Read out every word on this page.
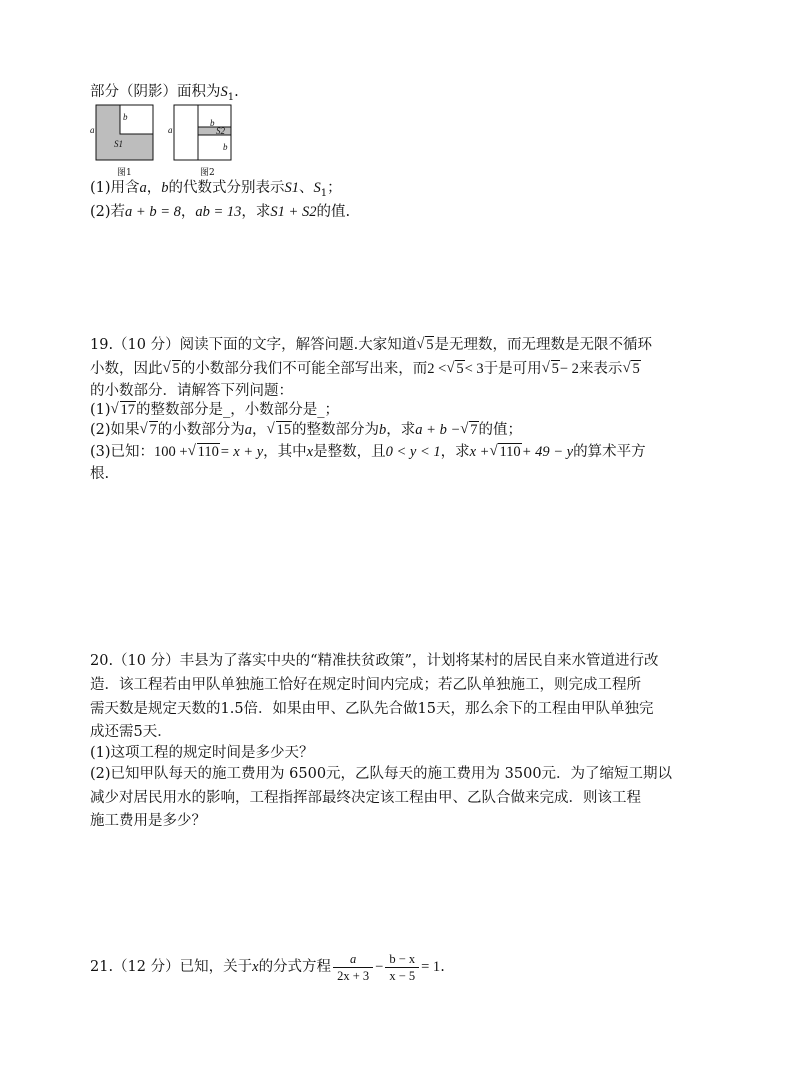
部分（阴影）面积为$S_1$.
a
b
S1
图1
a
b
S2
b
图2
(1)用含a，b的代数式分别表示S1、$S_1$；
(2)若a + b = 8，ab = 13，求S1 + S2的值.
19.（10 分）阅读下面的文字，解答问题.大家知道 √ 5是无理数，而无理数是无限不循环
小数，因此 √ 5的小数部分我们不可能全部写出来，而2 < √ 5< 3于是可用 √ 5− 2来表示 √ 5
的小数部分．请解答下列问题：
(1) √ 17的整数部分是_，小数部分是_；
(2)如果 √ 7的小数部分为a， √ 15的整数部分为b，求a + b − √ 7的值；
(3)已知：100 + √ 110= x + y，其中x是整数，且0 < y < 1，求x + √ 110+ 49 − y的算术平方
根.
20.（10 分）丰县为了落实中央的“精准扶贫政策”，计划将某村的居民自来水管道进行改
造．该工程若由甲队单独施工恰好在规定时间内完成；若乙队单独施工，则完成工程所
需天数是规定天数的1.5倍．如果由甲、乙队先合做15天，那么余下的工程由甲队单独完
成还需5天．
(1)这项工程的规定时间是多少天？
(2)已知甲队每天的施工费用为 6500元，乙队每天的施工费用为 3500元．为了缩短工期以
减少对居民用水的影响，工程指挥部最终决定该工程由甲、乙队合做来完成．则该工程
施工费用是多少？
21.（12 分）已知，关于x的分式方程 $\frac{a}{2x + 3} - \frac{b - x}{x - 5} = 1$.
